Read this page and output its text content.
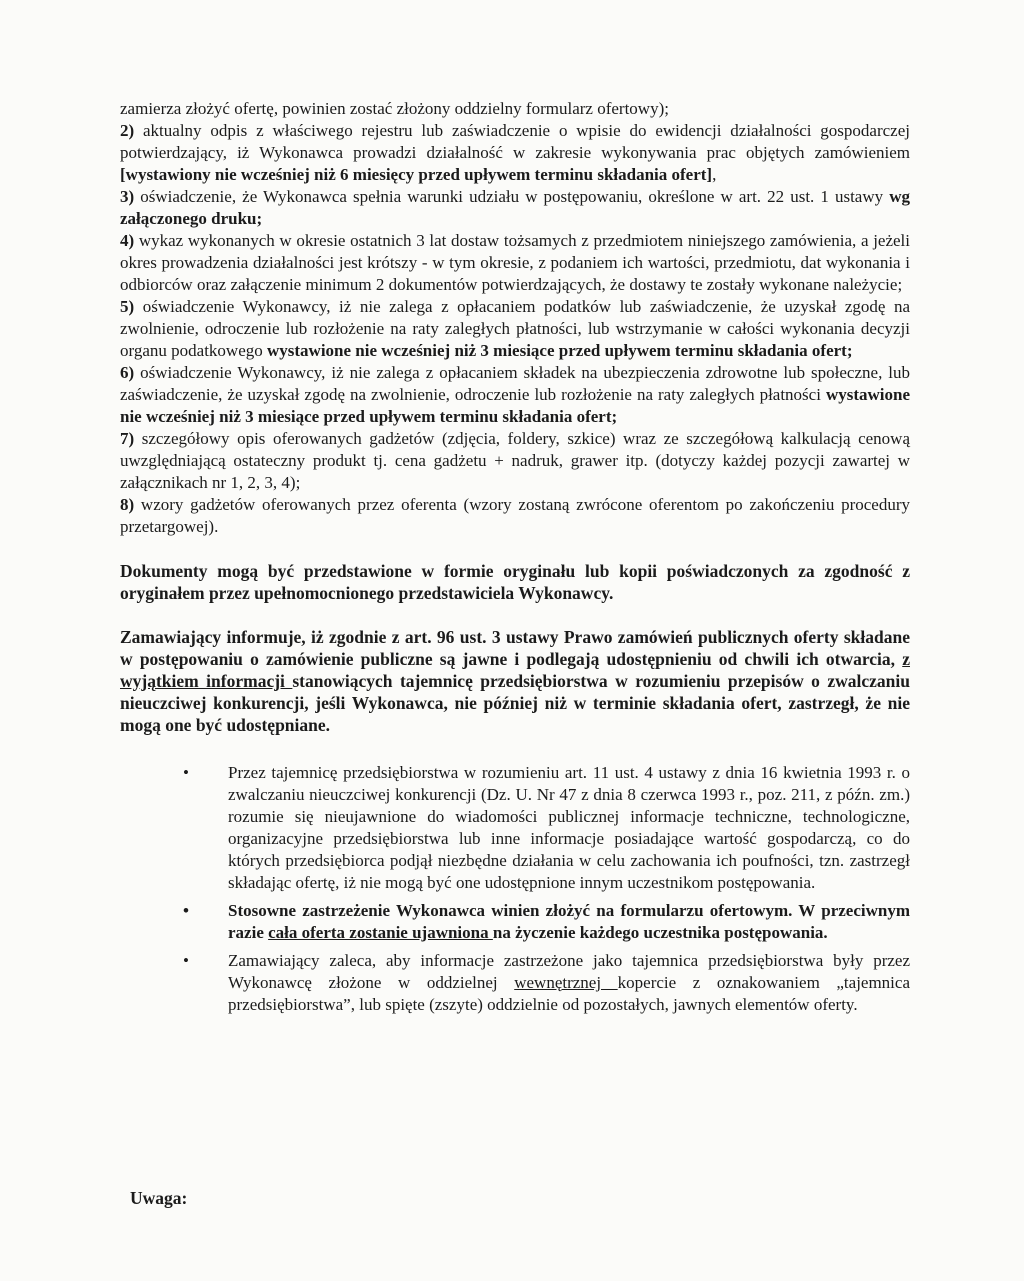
zamierza złożyć ofertę, powinien zostać złożony oddzielny formularz ofertowy);

2) aktualny odpis z właściwego rejestru lub zaświadczenie o wpisie do ewidencji działalności gospodarczej potwierdzający, iż Wykonawca prowadzi działalność w zakresie wykonywania prac objętych zamówieniem [wystawiony nie wcześniej niż 6 miesięcy przed upływem terminu składania ofert],

3) oświadczenie, że Wykonawca spełnia warunki udziału w postępowaniu, określone w art. 22 ust. 1 ustawy wg załączonego druku;

4) wykaz wykonanych w okresie ostatnich 3 lat dostaw tożsamych z przedmiotem niniejszego zamówienia, a jeżeli okres prowadzenia działalności jest krótszy - w tym okresie, z podaniem ich wartości, przedmiotu, dat wykonania i odbiorców oraz załączenie minimum 2 dokumentów potwierdzających, że dostawy te zostały wykonane należycie;

5) oświadczenie Wykonawcy, iż nie zalega z opłacaniem podatków lub zaświadczenie, że uzyskał zgodę na zwolnienie, odroczenie lub rozłożenie na raty zaległych płatności, lub wstrzymanie w całości wykonania decyzji organu podatkowego wystawione nie wcześniej niż 3 miesiące przed upływem terminu składania ofert;

6) oświadczenie Wykonawcy, iż nie zalega z opłacaniem składek na ubezpieczenia zdrowotne lub społeczne, lub zaświadczenie, że uzyskał zgodę na zwolnienie, odroczenie lub rozłożenie na raty zaległych płatności wystawione nie wcześniej niż 3 miesiące przed upływem terminu składania ofert;

7) szczegółowy opis oferowanych gadżetów (zdjęcia, foldery, szkice) wraz ze szczegółową kalkulacją cenową uwzględniającą ostateczny produkt tj. cena gadżetu + nadruk, grawer itp. (dotyczy każdej pozycji zawartej w załącznikach nr 1, 2, 3, 4);

8) wzory gadżetów oferowanych przez oferenta (wzory zostaną zwrócone oferentom po zakończeniu procedury przetargowej).

Dokumenty mogą być przedstawione w formie oryginału lub kopii poświadczonych za zgodność z oryginałem przez upełnomocnionego przedstawiciela Wykonawcy.

Zamawiający informuje, iż zgodnie z art. 96 ust. 3 ustawy Prawo zamówień publicznych oferty składane w postępowaniu o zamówienie publiczne są jawne i podlegają udostępnieniu od chwili ich otwarcia, z wyjątkiem informacji stanowiących tajemnicę przedsiębiorstwa w rozumieniu przepisów o zwalczaniu nieuczciwej konkurencji, jeśli Wykonawca, nie później niż w terminie składania ofert, zastrzegł, że nie mogą one być udostępniane.

• Przez tajemnicę przedsiębiorstwa w rozumieniu art. 11 ust. 4 ustawy z dnia 16 kwietnia 1993 r. o zwalczaniu nieuczciwej konkurencji (Dz. U. Nr 47 z dnia 8 czerwca 1993 r., poz. 211, z późn. zm.) rozumie się nieujawnione do wiadomości publicznej informacje techniczne, technologiczne, organizacyjne przedsiębiorstwa lub inne informacje posiadające wartość gospodarczą, co do których przedsiębiorca podjął niezbędne działania w celu zachowania ich poufności, tzn. zastrzegł składając ofertę, iż nie mogą być one udostępnione innym uczestnikom postępowania.
• Stosowne zastrzeżenie Wykonawca winien złożyć na formularzu ofertowym. W przeciwnym razie cała oferta zostanie ujawniona na życzenie każdego uczestnika postępowania.
• Zamawiający zaleca, aby informacje zastrzeżone jako tajemnica przedsiębiorstwa były przez Wykonawcę złożone w oddzielnej wewnętrznej kopercie z oznakowaniem „tajemnica przedsiębiorstwa”, lub spięte (zszyte) oddzielnie od pozostałych, jawnych elementów oferty.
Uwaga:
